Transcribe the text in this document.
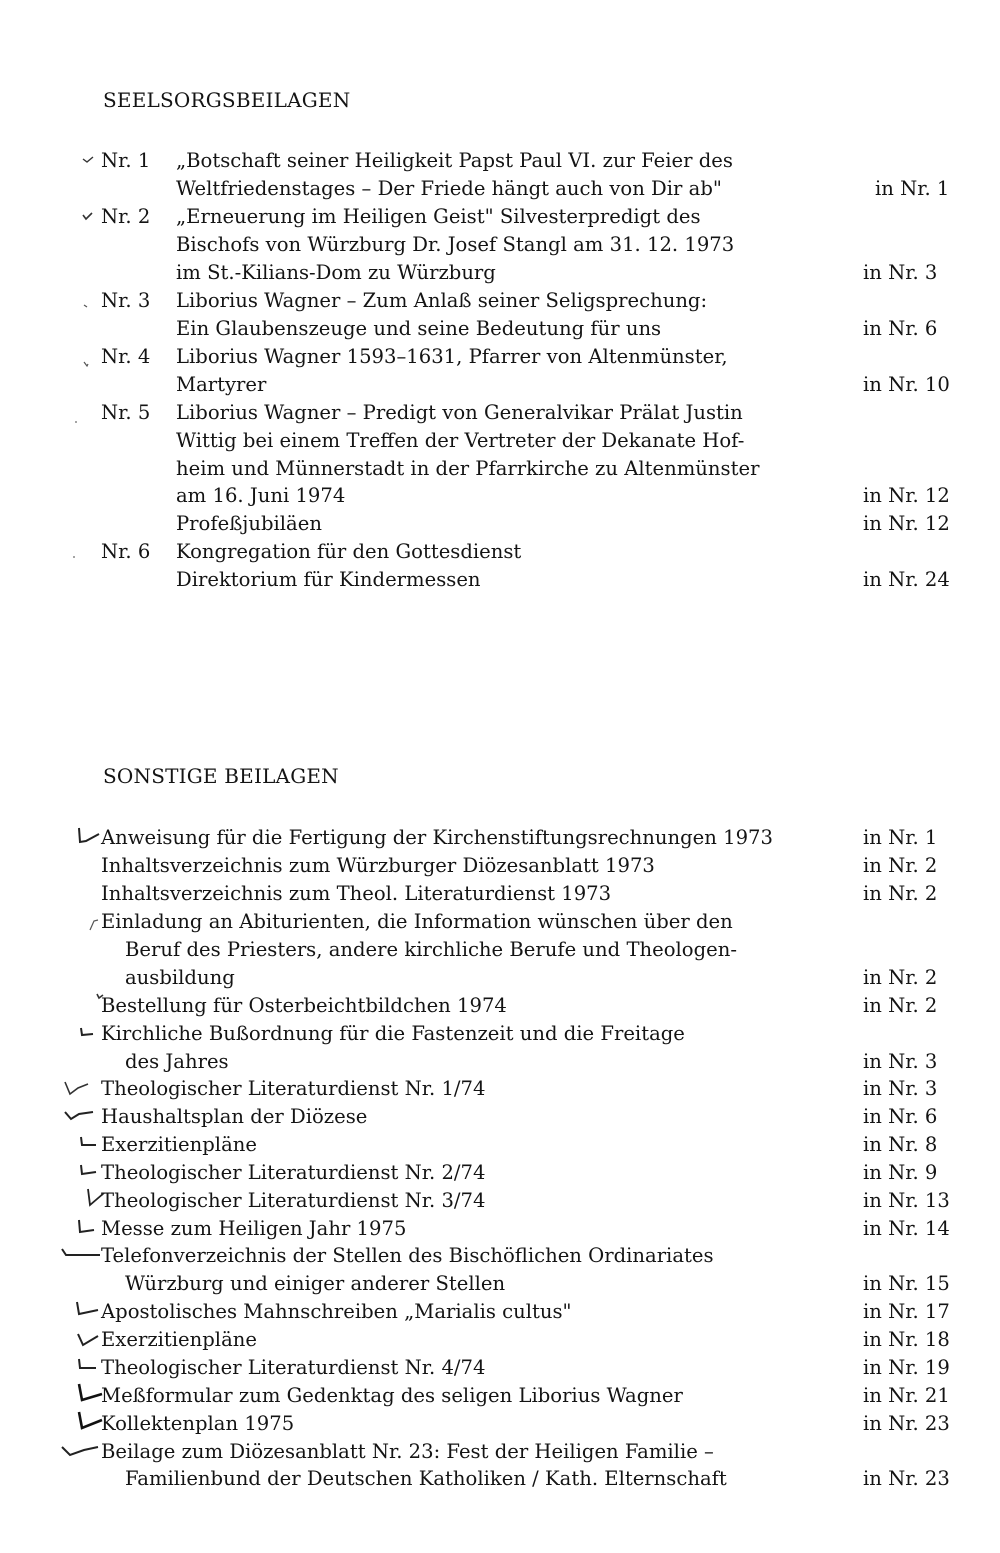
SEELSORGSBEILAGEN
Nr. 1 „Botschaft seiner Heiligkeit Papst Paul VI. zur Feier des
Weltfriedenstages – Der Friede hängt auch von Dir ab"	in Nr. 1
Nr. 2 „Erneuerung im Heiligen Geist" Silvesterpredigt des
Bischofs von Würzburg Dr. Josef Stangl am 31. 12. 1973
im St.-Kilians-Dom zu Würzburg	in Nr. 3
Nr. 3 Liborius Wagner – Zum Anlaß seiner Seligsprechung:
Ein Glaubenszeuge und seine Bedeutung für uns	in Nr. 6
Nr. 4 Liborius Wagner 1593–1631, Pfarrer von Altenmünster,
Martyrer	in Nr. 10
Nr. 5 Liborius Wagner – Predigt von Generalvikar Prälat Justin
Wittig bei einem Treffen der Vertreter der Dekanate Hof-
heim und Münnerstadt in der Pfarrkirche zu Altenmünster
am 16. Juni 1974	in Nr. 12
Profeßjubiläen	in Nr. 12
Nr. 6 Kongregation für den Gottesdienst
Direktorium für Kindermessen	in Nr. 24
SONSTIGE BEILAGEN
Anweisung für die Fertigung der Kirchenstiftungsrechnungen 1973	in Nr. 1
Inhaltsverzeichnis zum Würzburger Diözesanblatt 1973	in Nr. 2
Inhaltsverzeichnis zum Theol. Literaturdienst 1973	in Nr. 2
Einladung an Abiturienten, die Information wünschen über den
Beruf des Priesters, andere kirchliche Berufe und Theologen-
ausbildung	in Nr. 2
Bestellung für Osterbeichtbildchen 1974	in Nr. 2
Kirchliche Bußordnung für die Fastenzeit und die Freitage
des Jahres	in Nr. 3
Theologischer Literaturdienst Nr. 1/74	in Nr. 3
Haushaltsplan der Diözese	in Nr. 6
Exerzitienpläne	in Nr. 8
Theologischer Literaturdienst Nr. 2/74	in Nr. 9
Theologischer Literaturdienst Nr. 3/74	in Nr. 13
Messe zum Heiligen Jahr 1975	in Nr. 14
Telefonverzeichnis der Stellen des Bischöflichen Ordinariates
Würzburg und einiger anderer Stellen	in Nr. 15
Apostolisches Mahnschreiben „Marialis cultus"	in Nr. 17
Exerzitienpläne	in Nr. 18
Theologischer Literaturdienst Nr. 4/74	in Nr. 19
Meßformular zum Gedenktag des seligen Liborius Wagner	in Nr. 21
Kollektenplan 1975	in Nr. 23
Beilage zum Diözesanblatt Nr. 23: Fest der Heiligen Familie –
Familienbund der Deutschen Katholiken / Kath. Elternschaft	in Nr. 23
